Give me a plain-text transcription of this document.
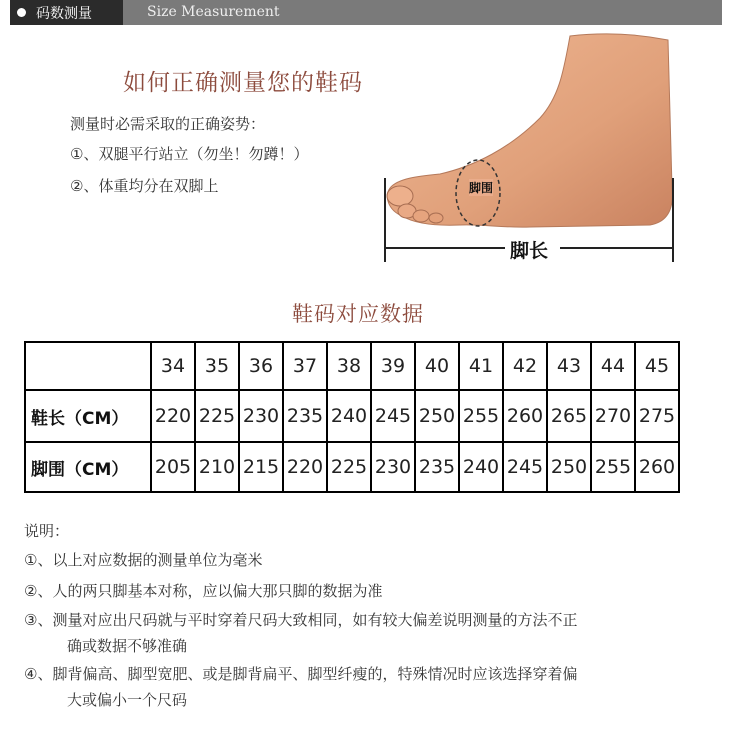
码数测量	Size Measurement
如何正确测量您的鞋码
测量时必需采取的正确姿势：
①、双腿平行站立（勿坐！勿蹲！）
②、体重均分在双脚上	脚围
脚长
鞋码对应数据
	34	35	36	37	38	39	40	41	42	43	44	45
鞋长（CM）	220	225	230	235	240	245	250	255	260	265	270	275
脚围（CM）	205	210	215	220	225	230	235	240	245	250	255	260
说明：
①、以上对应数据的测量单位为毫米
②、人的两只脚基本对称，应以偏大那只脚的数据为准
③、测量对应出尺码就与平时穿着尺码大致相同，如有较大偏差说明测量的方法不正
确或数据不够准确
④、脚背偏高、脚型宽肥、或是脚背扁平、脚型纤瘦的，特殊情况时应该选择穿着偏
大或偏小一个尺码
